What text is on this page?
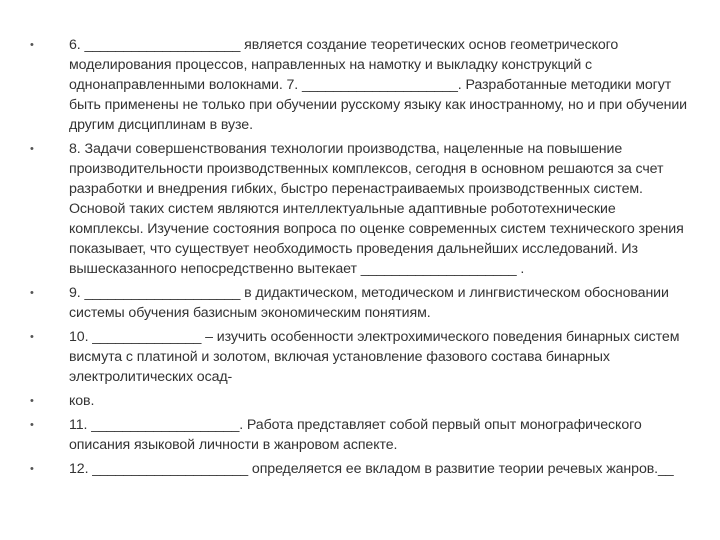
•	6. ____________________ является создание теоретических основ геометрического моделирования процессов, направленных на намотку и выкладку конструкций с однонаправленными волокнами. 7. ____________________. Разработанные методики могут быть применены не только при обучении русскому языку как иностранному, но и при обучении другим дисциплинам в вузе.
•	8. Задачи совершенствования технологии производства, нацеленные на повышение производительности производственных комплексов, сегодня в основном решаются за счет разработки и внедрения гибких, быстро перенастраиваемых производственных систем. Основой таких систем являются интеллектуальные адаптивные робототехнические комплексы. Изучение состояния вопроса по оценке современных систем технического зрения показывает, что существует необходимость проведения дальнейших исследований. Из вышесказанного непосредственно вытекает ____________________ .
•	9. ____________________ в дидактическом, методическом и лингвистическом обосновании системы обучения базисным экономическим понятиям.
•	10. ______________ – изучить особенности электрохимического поведения бинарных систем висмута с платиной и золотом, включая установление фазового состава бинарных электролитических осад-
•	ков.
•	11. ___________________. Работа представляет собой первый опыт монографического описания языковой личности в жанровом аспекте.
•	12. ____________________ определяется ее вкладом в развитие теории речевых жанров.__
